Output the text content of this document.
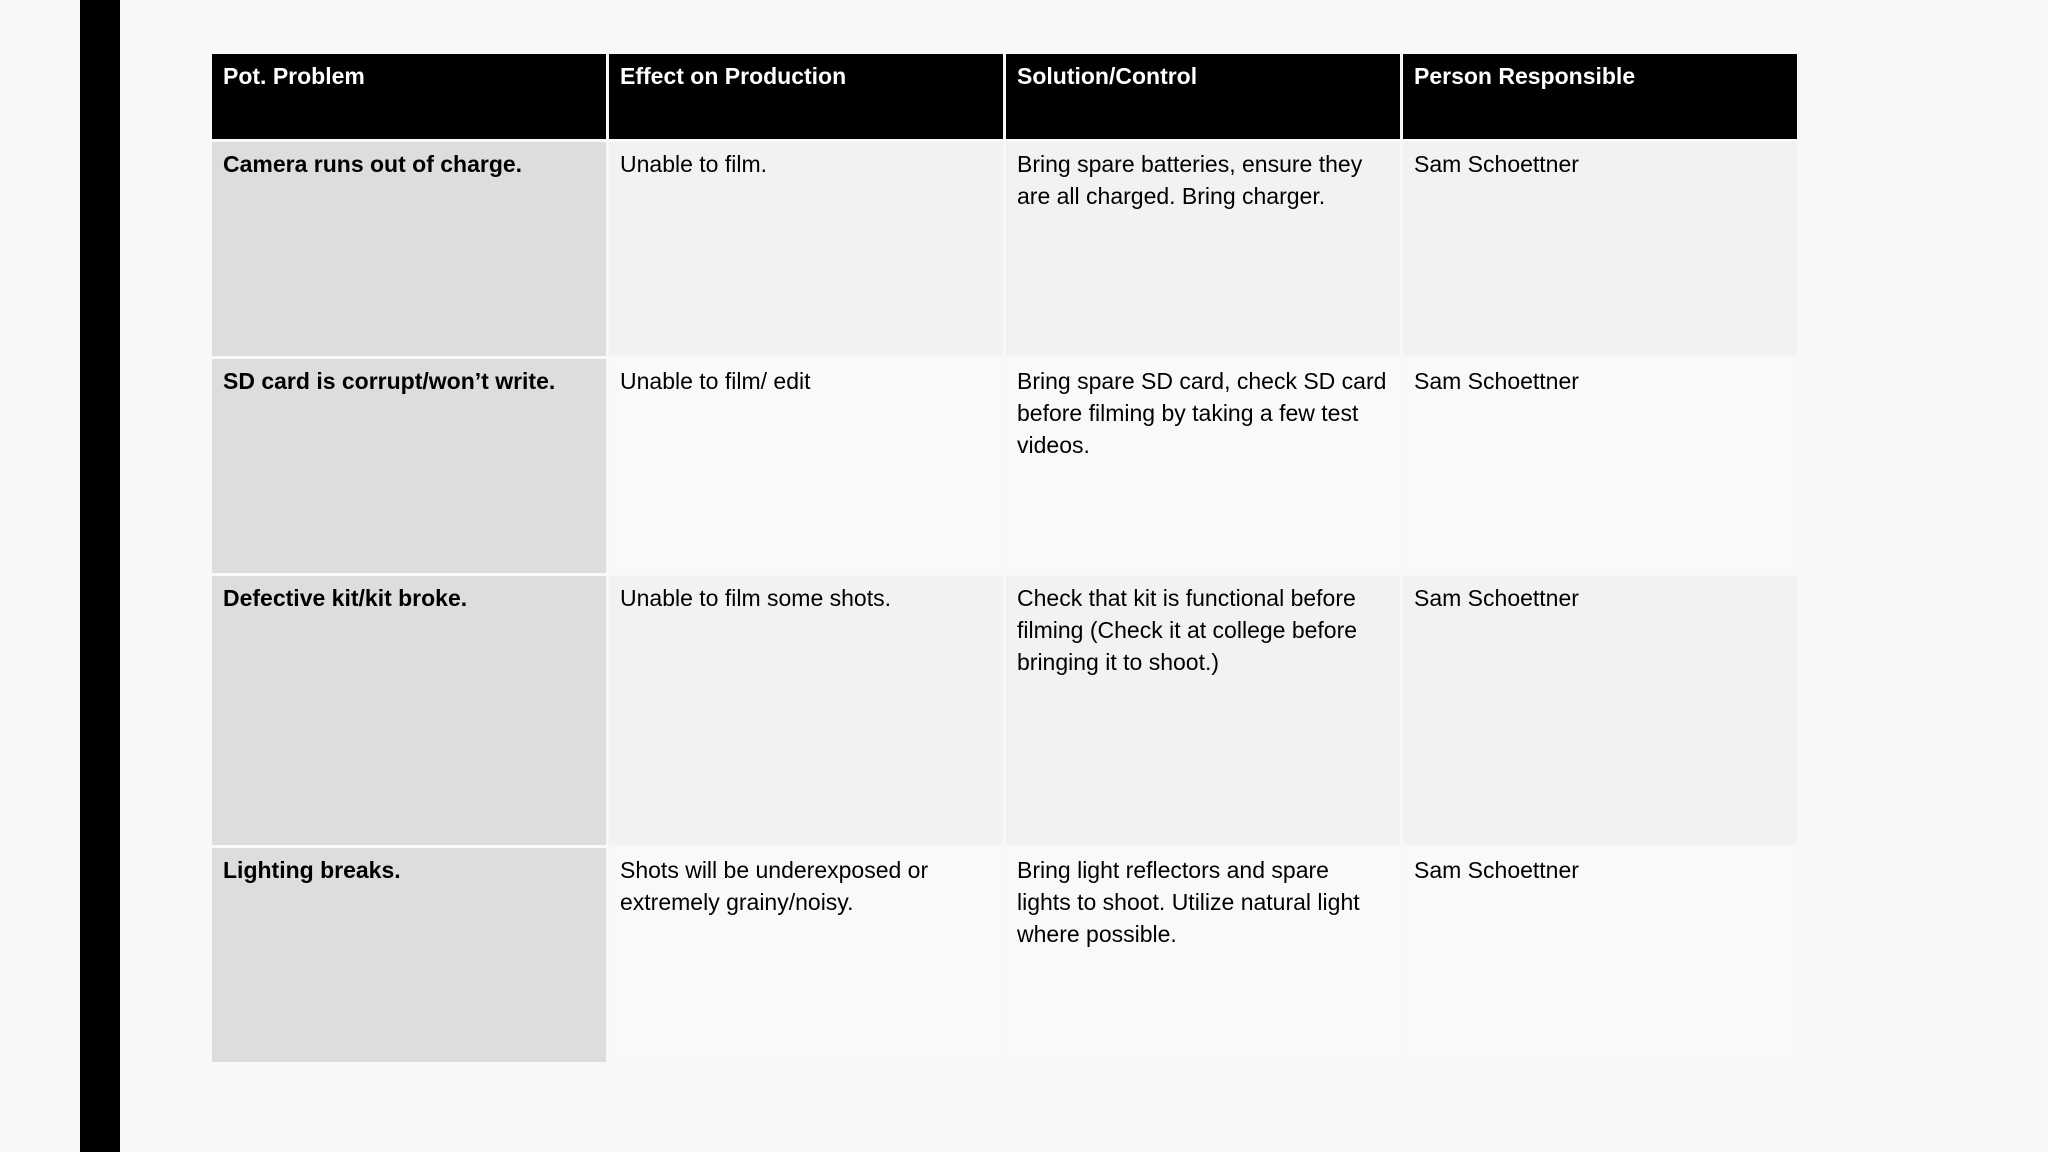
Pot. Problem	Effect on Production	Solution/Control	Person Responsible
Camera runs out of charge.	Unable to film.	Bring spare batteries, ensure they are all charged. Bring charger.	Sam Schoettner
SD card is corrupt/won’t write.	Unable to film/ edit	Bring spare SD card, check SD card before filming by taking a few test videos.	Sam Schoettner
Defective kit/kit broke.	Unable to film some shots.	Check that kit is functional before filming (Check it at college before bringing it to shoot.)	Sam Schoettner
Lighting breaks.	Shots will be underexposed or extremely grainy/noisy.	Bring light reflectors and spare lights to shoot. Utilize natural light where possible.	Sam Schoettner
